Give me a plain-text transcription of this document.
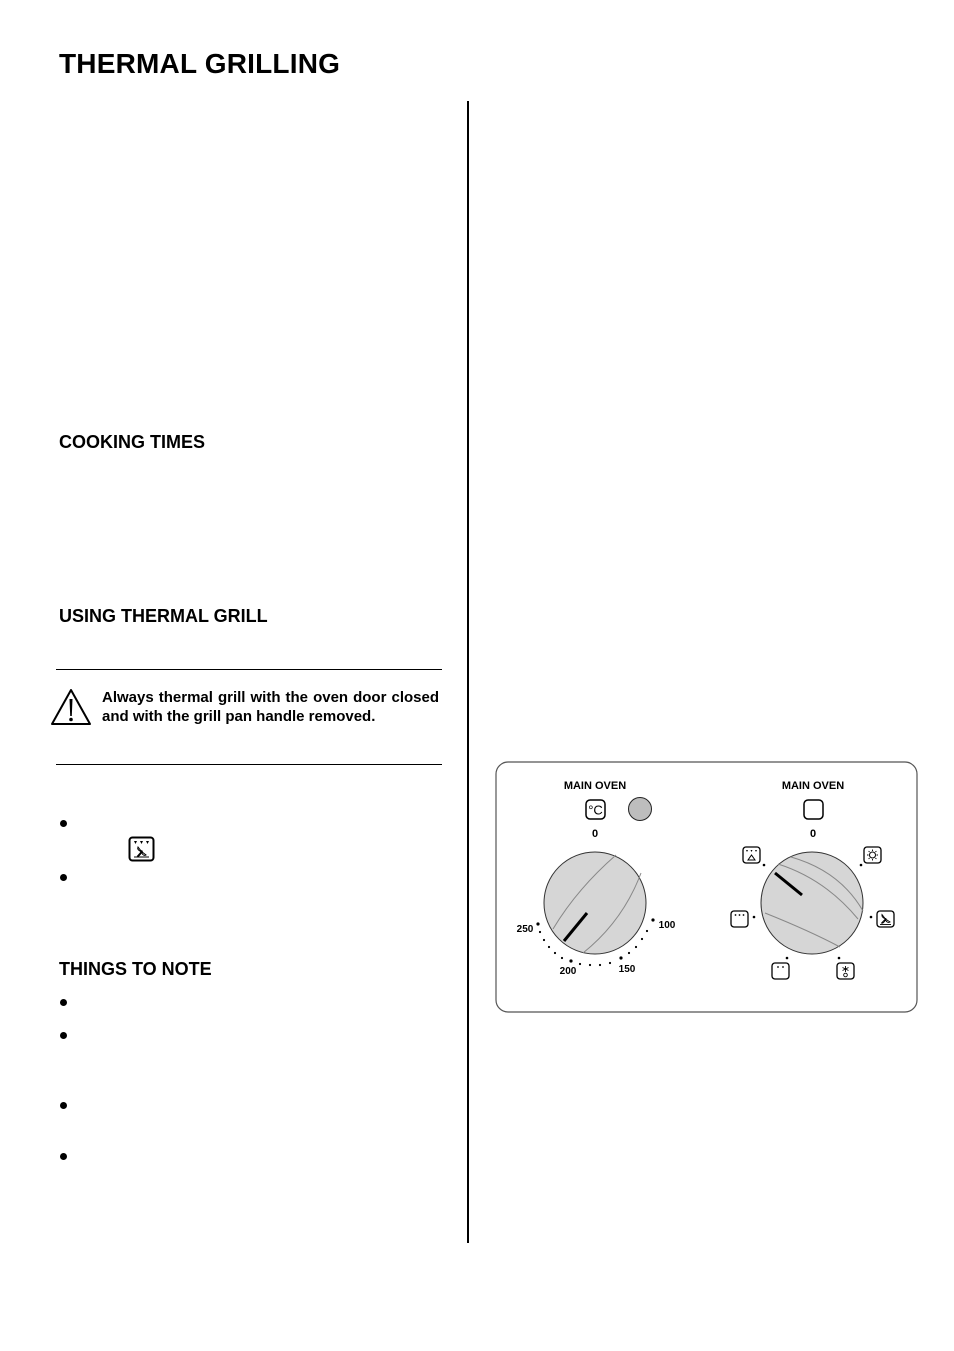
THERMAL GRILLING
COOKING TIMES
USING THERMAL GRILL
Always thermal grill with the oven door closed and with the grill pan handle removed.
THINGS TO NOTE
MAIN OVEN
°C
0
250
200	150
100
MAIN OVEN
0
